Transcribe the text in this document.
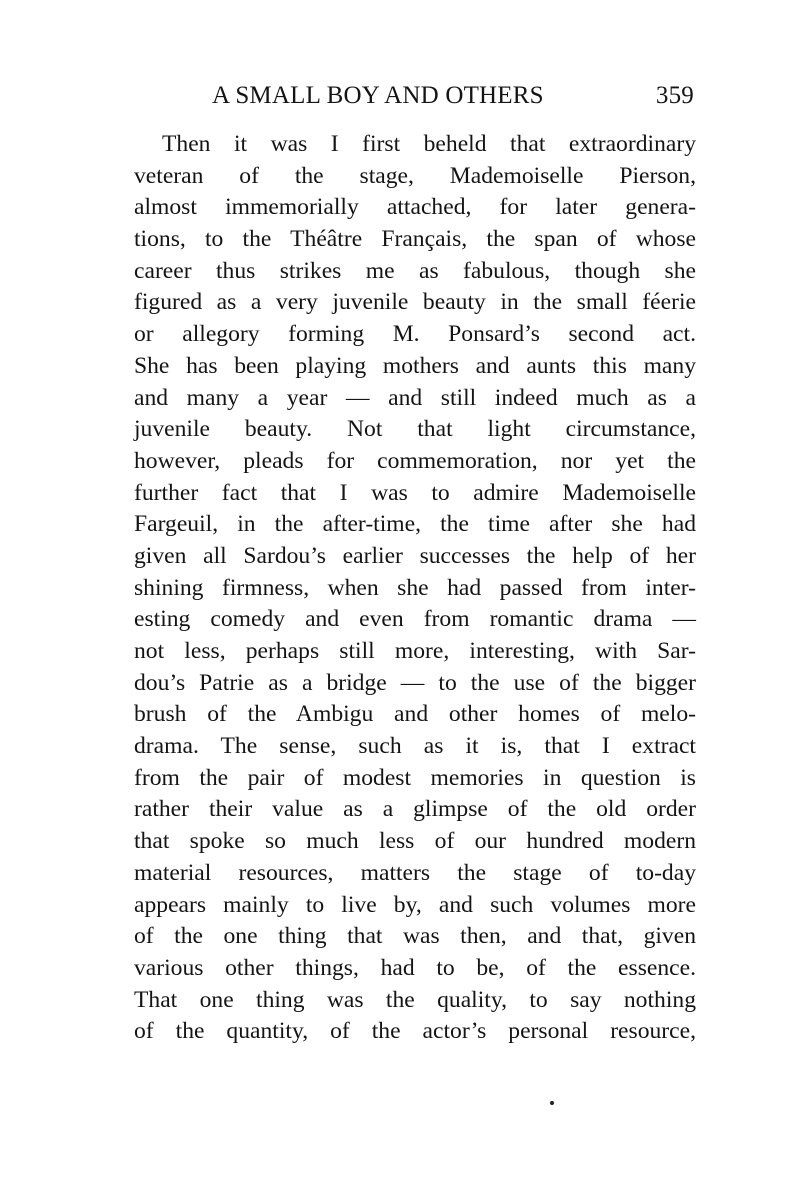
A SMALL BOY AND OTHERS	359
Then it was I first beheld that extraordinary
veteran of the stage, Mademoiselle Pierson,
almost immemorially attached, for later genera-
tions, to the Théâtre Français, the span of whose
career thus strikes me as fabulous, though she
figured as a very juvenile beauty in the small féerie
or allegory forming M. Ponsard’s second act.
She has been playing mothers and aunts this many
and many a year — and still indeed much as a
juvenile beauty. Not that light circumstance,
however, pleads for commemoration, nor yet the
further fact that I was to admire Mademoiselle
Fargeuil, in the after-time, the time after she had
given all Sardou’s earlier successes the help of her
shining firmness, when she had passed from inter-
esting comedy and even from romantic drama —
not less, perhaps still more, interesting, with Sar-
dou’s Patrie as a bridge — to the use of the bigger
brush of the Ambigu and other homes of melo-
drama. The sense, such as it is, that I extract
from the pair of modest memories in question is
rather their value as a glimpse of the old order
that spoke so much less of our hundred modern
material resources, matters the stage of to-day
appears mainly to live by, and such volumes more
of the one thing that was then, and that, given
various other things, had to be, of the essence.
That one thing was the quality, to say nothing
of the quantity, of the actor’s personal resource,
